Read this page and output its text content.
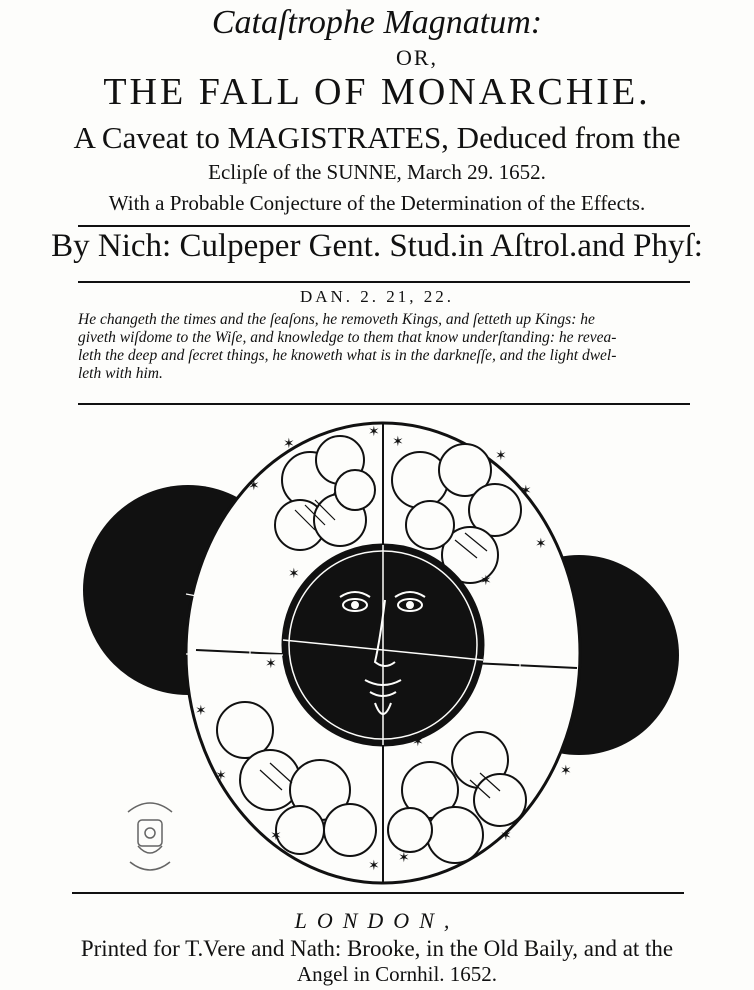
Cataſtrophe Magnatum:
OR,
THE FALL OF MONARCHIE.
A Caveat to MAGISTRATES, Deduced from the
Eclipſe of the SUNNE, March 29. 1652.
With a Probable Conjecture of the Determination of the Effects.
By Nich: Culpeper Gent. Stud.in Aſtrol.and Phyſ:
DAN. 2. 21, 22.
He changeth the times and the ſeaſons, he removeth Kings, and ſetteth up Kings: he
giveth wiſdome to the Wiſe, and knowledge to them that know underſtanding: he revea-
leth the deep and ſecret things, he knoweth what is in the darkneſſe, and the light dwel-
leth with him.
✶
✶
✶
✶
✶
✶
✶	✶
✶
✶
✶
✶
✶
✶ ✶
✶	✶
✶
LONDON,
Printed for T.Vere and Nath: Brooke, in the Old Baily, and at the
Angel in Cornhil. 1652.
